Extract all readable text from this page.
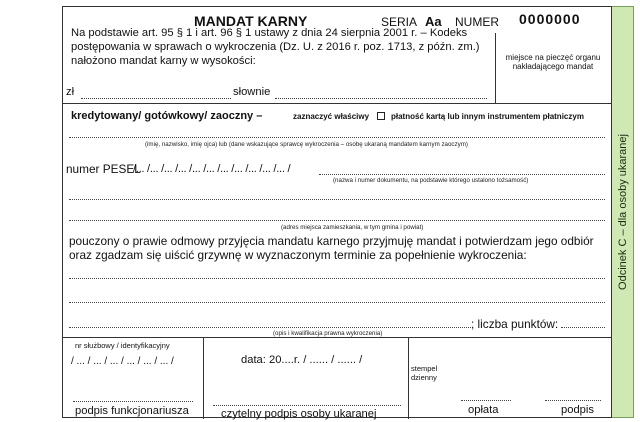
MANDAT KARNY	SERIA Aa NUMER 0000000
Na podstawie art. 95 § 1 i art. 96 § 1 ustawy z dnia 24 sierpnia 2001 r. – Kodeks
postępowania w sprawach o wykroczenia (Dz. U. z 2016 r. poz. 1713, z późn. zm.)
nałożono mandat karny w wysokości:	miejsce na pieczęć organu nakładającego mandat
zł	słownie
kredytowany/ gotówkowy/ zaoczny –	zaznaczyć właściwy	płatność kartą lub innym instrumentem płatniczym
(imię, nazwisko, imię ojca) lub (dane wskazujące sprawcę wykroczenia – osobę ukaraną mandatem karnym zaoczym)
numer PESEL
/... /... /... /... /... /... /... /... /... /... /... /
(nazwa i numer dokumentu, na podstawie którego ustalono tożsamość)
(adres miejsca zamieszkania, w tym gmina i powiat)
pouczony o prawie odmowy przyjęcia mandatu karnego przyjmuję mandat i potwierdzam jego odbiór
oraz zgadzam się uiścić grzywnę w wyznaczonym terminie za popełnienie wykroczenia:
; liczba punktów:
(opis i kwalifikacja prawna wykroczenia)
nr służbowy / identyfikacyjny
/ ... / ... / ... / ... / ... / ... /
podpis funkcjonariusza
data: 20....r. / ...... / ...... /
czytelny podpis osoby ukaranej
stempel dzienny
opłata	podpis
Odcinek C – dla osoby ukaranej
